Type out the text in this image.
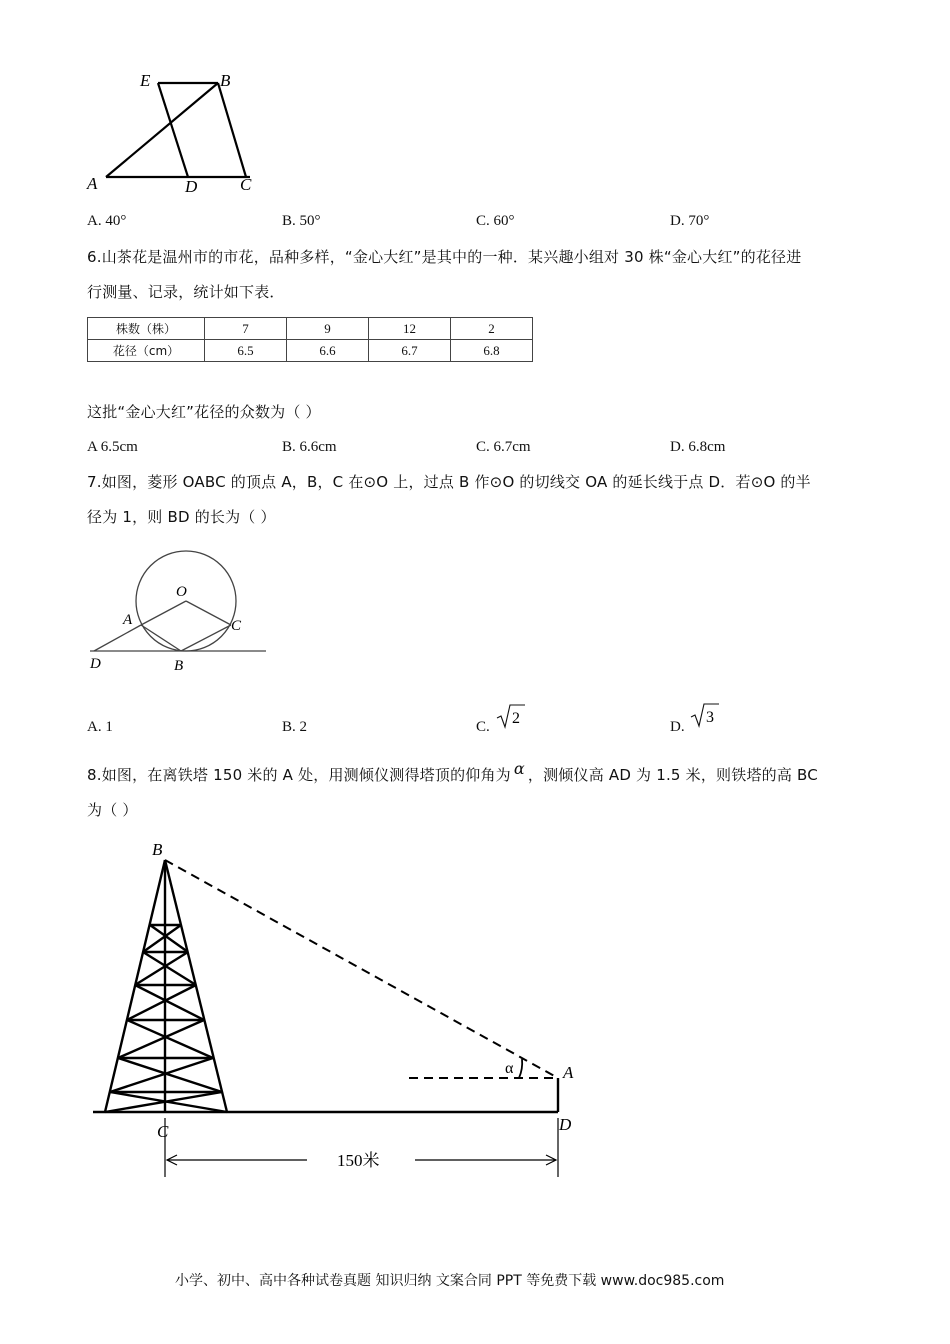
E	B
A	D	C
A. 40°	B. 50°	C. 60°	D. 70°
6.山茶花是温州市的市花，品种多样，“金心大红”是其中的一种．某兴趣小组对 30 株“金心大红”的花径进
行测量、记录，统计如下表．
株数（株）	7	9	12	2
花径（cm）	6.5	6.6	6.7	6.8
这批“金心大红”花径的众数为（ ）
A 6.5cm	B. 6.6cm	C. 6.7cm	D. 6.8cm
7.如图，菱形 OABC 的顶点 A，B，C 在⊙O 上，过点 B 作⊙O 的切线交 OA 的延长线于点 D．若⊙O 的半
径为 1，则 BD 的长为（ ）
O
A	C
D	B
A. 1	B. 2	C. 2	D.
3
8.如图，在离铁塔 150 米的 A 处，用测倾仪测得塔顶的仰角为 α ，测倾仪高 AD 为 1.5 米，则铁塔的高 BC
为（ ）
B
A
C	D
α
150米
小学、初中、高中各种试卷真题 知识归纳 文案合同 PPT 等免费下载 www.doc985.com
